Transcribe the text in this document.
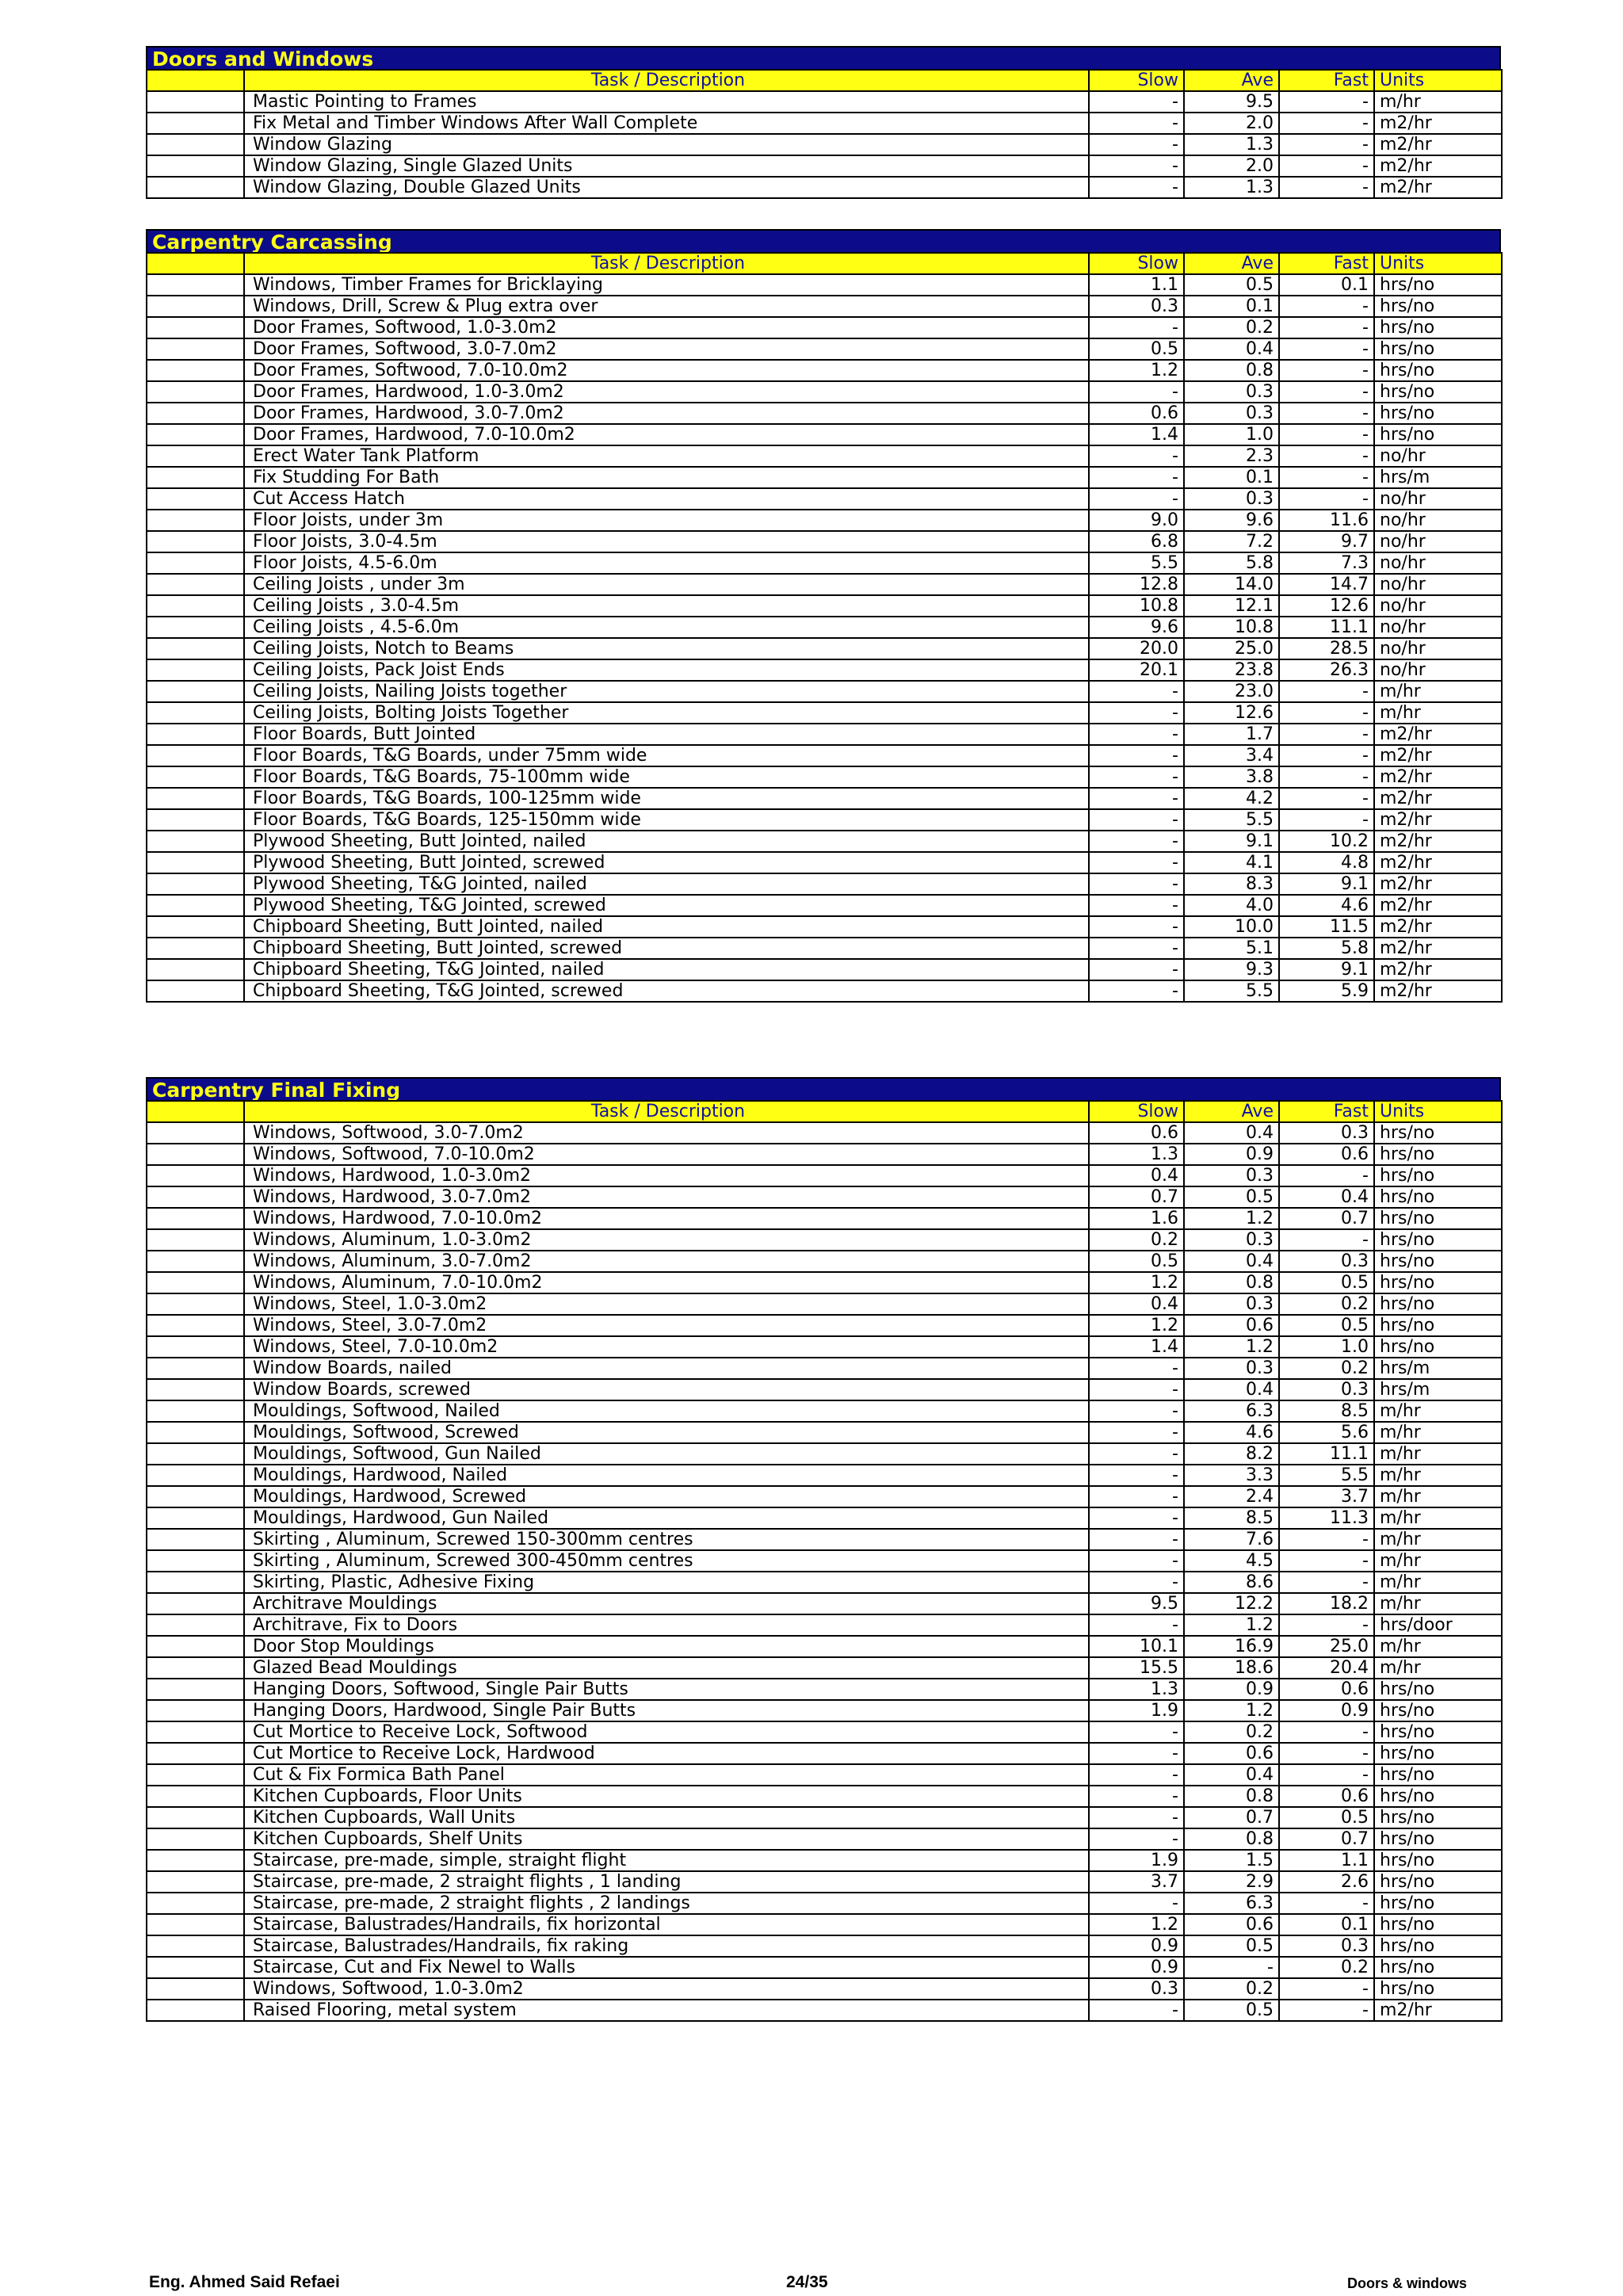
Doors and Windows
	Task / Description	Slow	Ave	Fast	Units
	Mastic Pointing to Frames	-	9.5	-	m/hr
	Fix Metal and Timber Windows After Wall Complete	-	2.0	-	m2/hr
	Window Glazing	-	1.3	-	m2/hr
	Window Glazing, Single Glazed Units	-	2.0	-	m2/hr
	Window Glazing, Double Glazed Units	-	1.3	-	m2/hr
Carpentry Carcassing
	Task / Description	Slow	Ave	Fast	Units
	Windows, Timber Frames for Bricklaying	1.1	0.5	0.1	hrs/no
	Windows, Drill, Screw & Plug extra over	0.3	0.1	-	hrs/no
	Door Frames, Softwood, 1.0-3.0m2	-	0.2	-	hrs/no
	Door Frames, Softwood, 3.0-7.0m2	0.5	0.4	-	hrs/no
	Door Frames, Softwood, 7.0-10.0m2	1.2	0.8	-	hrs/no
	Door Frames, Hardwood, 1.0-3.0m2	-	0.3	-	hrs/no
	Door Frames, Hardwood, 3.0-7.0m2	0.6	0.3	-	hrs/no
	Door Frames, Hardwood, 7.0-10.0m2	1.4	1.0	-	hrs/no
	Erect Water Tank Platform	-	2.3	-	no/hr
	Fix Studding For Bath	-	0.1	-	hrs/m
	Cut Access Hatch	-	0.3	-	no/hr
	Floor Joists, under 3m	9.0	9.6	11.6	no/hr
	Floor Joists, 3.0-4.5m	6.8	7.2	9.7	no/hr
	Floor Joists, 4.5-6.0m	5.5	5.8	7.3	no/hr
	Ceiling Joists , under 3m	12.8	14.0	14.7	no/hr
	Ceiling Joists , 3.0-4.5m	10.8	12.1	12.6	no/hr
	Ceiling Joists , 4.5-6.0m	9.6	10.8	11.1	no/hr
	Ceiling Joists, Notch to Beams	20.0	25.0	28.5	no/hr
	Ceiling Joists, Pack Joist Ends	20.1	23.8	26.3	no/hr
	Ceiling Joists, Nailing Joists together	-	23.0	-	m/hr
	Ceiling Joists, Bolting Joists Together	-	12.6	-	m/hr
	Floor Boards, Butt Jointed	-	1.7	-	m2/hr
	Floor Boards, T&G Boards, under 75mm wide	-	3.4	-	m2/hr
	Floor Boards, T&G Boards, 75-100mm wide	-	3.8	-	m2/hr
	Floor Boards, T&G Boards, 100-125mm wide	-	4.2	-	m2/hr
	Floor Boards, T&G Boards, 125-150mm wide	-	5.5	-	m2/hr
	Plywood Sheeting, Butt Jointed, nailed	-	9.1	10.2	m2/hr
	Plywood Sheeting, Butt Jointed, screwed	-	4.1	4.8	m2/hr
	Plywood Sheeting, T&G Jointed, nailed	-	8.3	9.1	m2/hr
	Plywood Sheeting, T&G Jointed, screwed	-	4.0	4.6	m2/hr
	Chipboard Sheeting, Butt Jointed, nailed	-	10.0	11.5	m2/hr
	Chipboard Sheeting, Butt Jointed, screwed	-	5.1	5.8	m2/hr
	Chipboard Sheeting, T&G Jointed, nailed	-	9.3	9.1	m2/hr
	Chipboard Sheeting, T&G Jointed, screwed	-	5.5	5.9	m2/hr
Carpentry Final Fixing
	Task / Description	Slow	Ave	Fast	Units
	Windows, Softwood, 3.0-7.0m2	0.6	0.4	0.3	hrs/no
	Windows, Softwood, 7.0-10.0m2	1.3	0.9	0.6	hrs/no
	Windows, Hardwood, 1.0-3.0m2	0.4	0.3	-	hrs/no
	Windows, Hardwood, 3.0-7.0m2	0.7	0.5	0.4	hrs/no
	Windows, Hardwood, 7.0-10.0m2	1.6	1.2	0.7	hrs/no
	Windows, Aluminum, 1.0-3.0m2	0.2	0.3	-	hrs/no
	Windows, Aluminum, 3.0-7.0m2	0.5	0.4	0.3	hrs/no
	Windows, Aluminum, 7.0-10.0m2	1.2	0.8	0.5	hrs/no
	Windows, Steel, 1.0-3.0m2	0.4	0.3	0.2	hrs/no
	Windows, Steel, 3.0-7.0m2	1.2	0.6	0.5	hrs/no
	Windows, Steel, 7.0-10.0m2	1.4	1.2	1.0	hrs/no
	Window Boards, nailed	-	0.3	0.2	hrs/m
	Window Boards, screwed	-	0.4	0.3	hrs/m
	Mouldings, Softwood, Nailed	-	6.3	8.5	m/hr
	Mouldings, Softwood, Screwed	-	4.6	5.6	m/hr
	Mouldings, Softwood, Gun Nailed	-	8.2	11.1	m/hr
	Mouldings, Hardwood, Nailed	-	3.3	5.5	m/hr
	Mouldings, Hardwood, Screwed	-	2.4	3.7	m/hr
	Mouldings, Hardwood, Gun Nailed	-	8.5	11.3	m/hr
	Skirting , Aluminum, Screwed 150-300mm centres	-	7.6	-	m/hr
	Skirting , Aluminum, Screwed 300-450mm centres	-	4.5	-	m/hr
	Skirting, Plastic, Adhesive Fixing	-	8.6	-	m/hr
	Architrave Mouldings	9.5	12.2	18.2	m/hr
	Architrave, Fix to Doors	-	1.2	-	hrs/door
	Door Stop Mouldings	10.1	16.9	25.0	m/hr
	Glazed Bead Mouldings	15.5	18.6	20.4	m/hr
	Hanging Doors, Softwood, Single Pair Butts	1.3	0.9	0.6	hrs/no
	Hanging Doors, Hardwood, Single Pair Butts	1.9	1.2	0.9	hrs/no
	Cut Mortice to Receive Lock, Softwood	-	0.2	-	hrs/no
	Cut Mortice to Receive Lock, Hardwood	-	0.6	-	hrs/no
	Cut & Fix Formica Bath Panel	-	0.4	-	hrs/no
	Kitchen Cupboards, Floor Units	-	0.8	0.6	hrs/no
	Kitchen Cupboards, Wall Units	-	0.7	0.5	hrs/no
	Kitchen Cupboards, Shelf Units	-	0.8	0.7	hrs/no
	Staircase, pre-made, simple, straight flight	1.9	1.5	1.1	hrs/no
	Staircase, pre-made, 2 straight flights , 1 landing	3.7	2.9	2.6	hrs/no
	Staircase, pre-made, 2 straight flights , 2 landings	-	6.3	-	hrs/no
	Staircase, Balustrades/Handrails, fix horizontal	1.2	0.6	0.1	hrs/no
	Staircase, Balustrades/Handrails, fix raking	0.9	0.5	0.3	hrs/no
	Staircase, Cut and Fix Newel to Walls	0.9	-	0.2	hrs/no
	Windows, Softwood, 1.0-3.0m2	0.3	0.2	-	hrs/no
	Raised Flooring, metal system	-	0.5	-	m2/hr
Eng. Ahmed Said Refaei	24/35	Doors & windows
